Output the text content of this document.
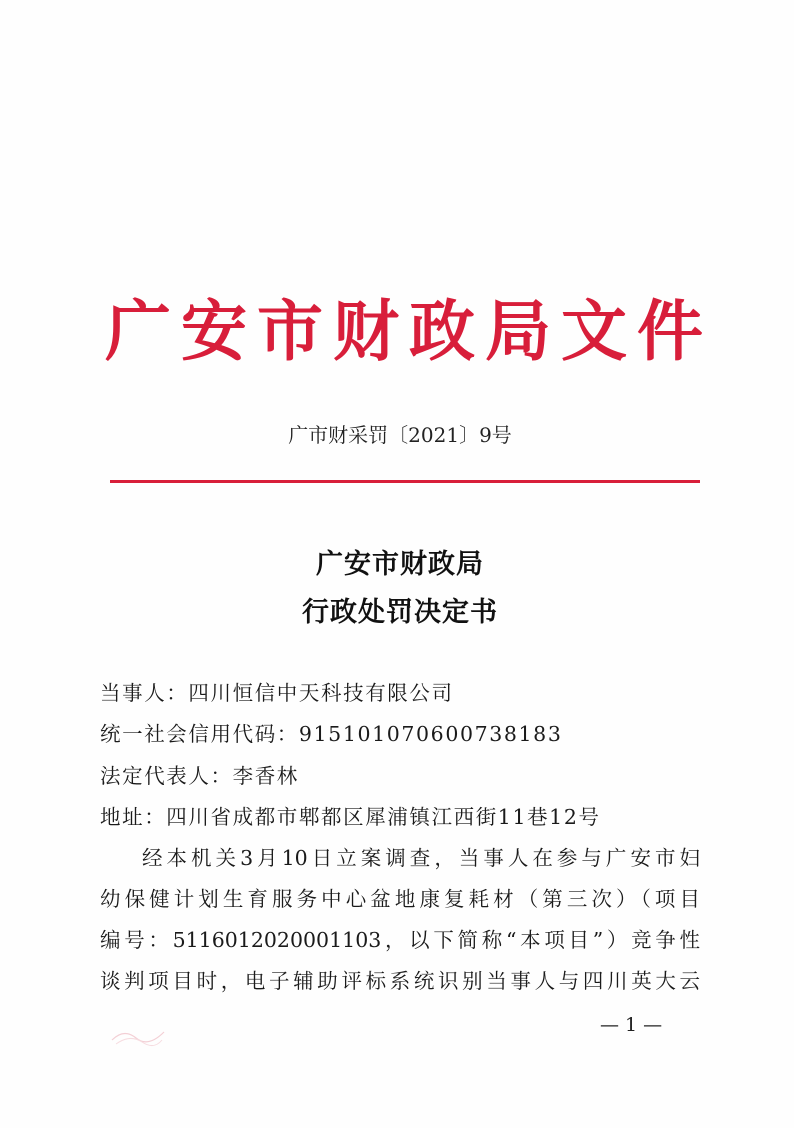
广安市财政局文件
广市财采罚〔2021〕9号
广安市财政局
行政处罚决定书
当事人：四川恒信中天科技有限公司
统一社会信用代码：915101070600738183
法定代表人：李香林
地址：四川省成都市郫都区犀浦镇江西街11巷12号
经本机关3月10日立案调查，当事人在参与广安市妇
幼保健计划生育服务中心盆地康复耗材（第三次）（项目
编号：5116012020001103，以下简称“本项目”）竞争性
谈判项目时，电子辅助评标系统识别当事人与四川英大云
— 1 —
